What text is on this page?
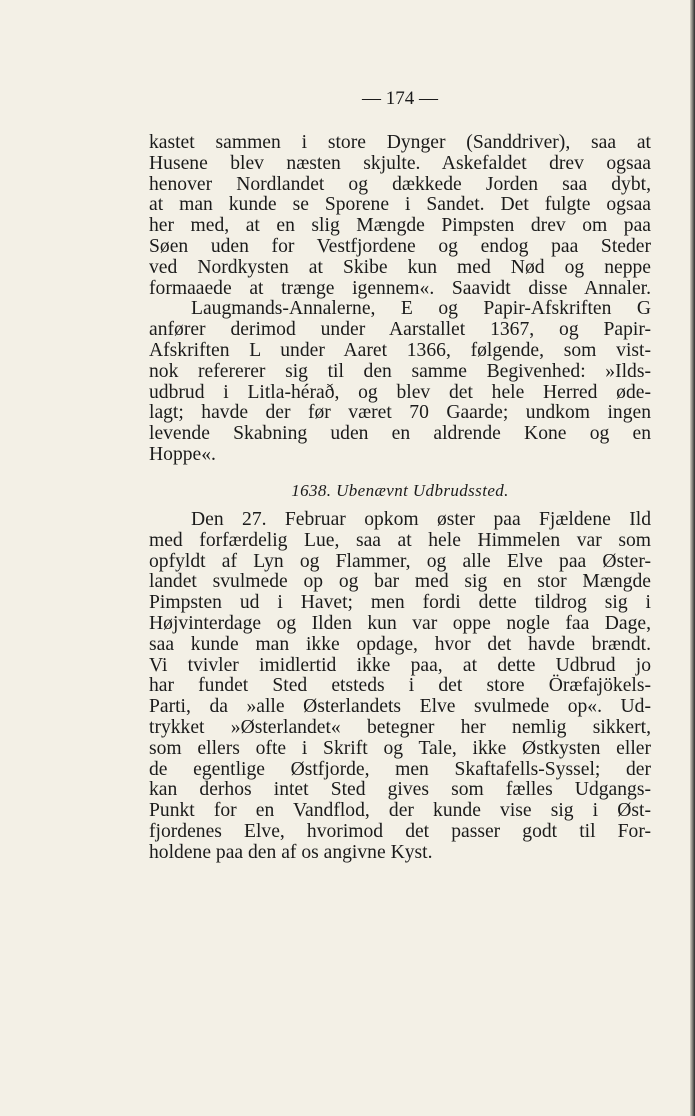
— 174 —
kastet sammen i store Dynger (Sanddriver), saa at
Husene blev næsten skjulte. Askefaldet drev ogsaa
henover Nordlandet og dækkede Jorden saa dybt,
at man kunde se Sporene i Sandet. Det fulgte ogsaa
her med, at en slig Mængde Pimpsten drev om paa
Søen uden for Vestfjordene og endog paa Steder
ved Nordkysten at Skibe kun med Nød og neppe
formaaede at trænge igennem«. Saavidt disse Annaler.
Laugmands-Annalerne, E og Papir-Afskriften G
anfører derimod under Aarstallet 1367, og Papir-
Afskriften L under Aaret 1366, følgende, som vist-
nok refererer sig til den samme Begivenhed: »Ilds-
udbrud i Litla-hérað, og blev det hele Herred øde-
lagt; havde der før været 70 Gaarde; undkom ingen
levende Skabning uden en aldrende Kone og en
Hoppe«.
1638. Ubenævnt Udbrudssted.
Den 27. Februar opkom øster paa Fjældene Ild
med forfærdelig Lue, saa at hele Himmelen var som
opfyldt af Lyn og Flammer, og alle Elve paa Øster-
landet svulmede op og bar med sig en stor Mængde
Pimpsten ud i Havet; men fordi dette tildrog sig i
Højvinterdage og Ilden kun var oppe nogle faa Dage,
saa kunde man ikke opdage, hvor det havde brændt.
Vi tvivler imidlertid ikke paa, at dette Udbrud jo
har fundet Sted etsteds i det store Öræfajökels-
Parti, da »alle Østerlandets Elve svulmede op«. Ud-
trykket »Østerlandet« betegner her nemlig sikkert,
som ellers ofte i Skrift og Tale, ikke Østkysten eller
de egentlige Østfjorde, men Skaftafells-Syssel; der
kan derhos intet Sted gives som fælles Udgangs-
Punkt for en Vandflod, der kunde vise sig i Øst-
fjordenes Elve, hvorimod det passer godt til For-
holdene paa den af os angivne Kyst.
